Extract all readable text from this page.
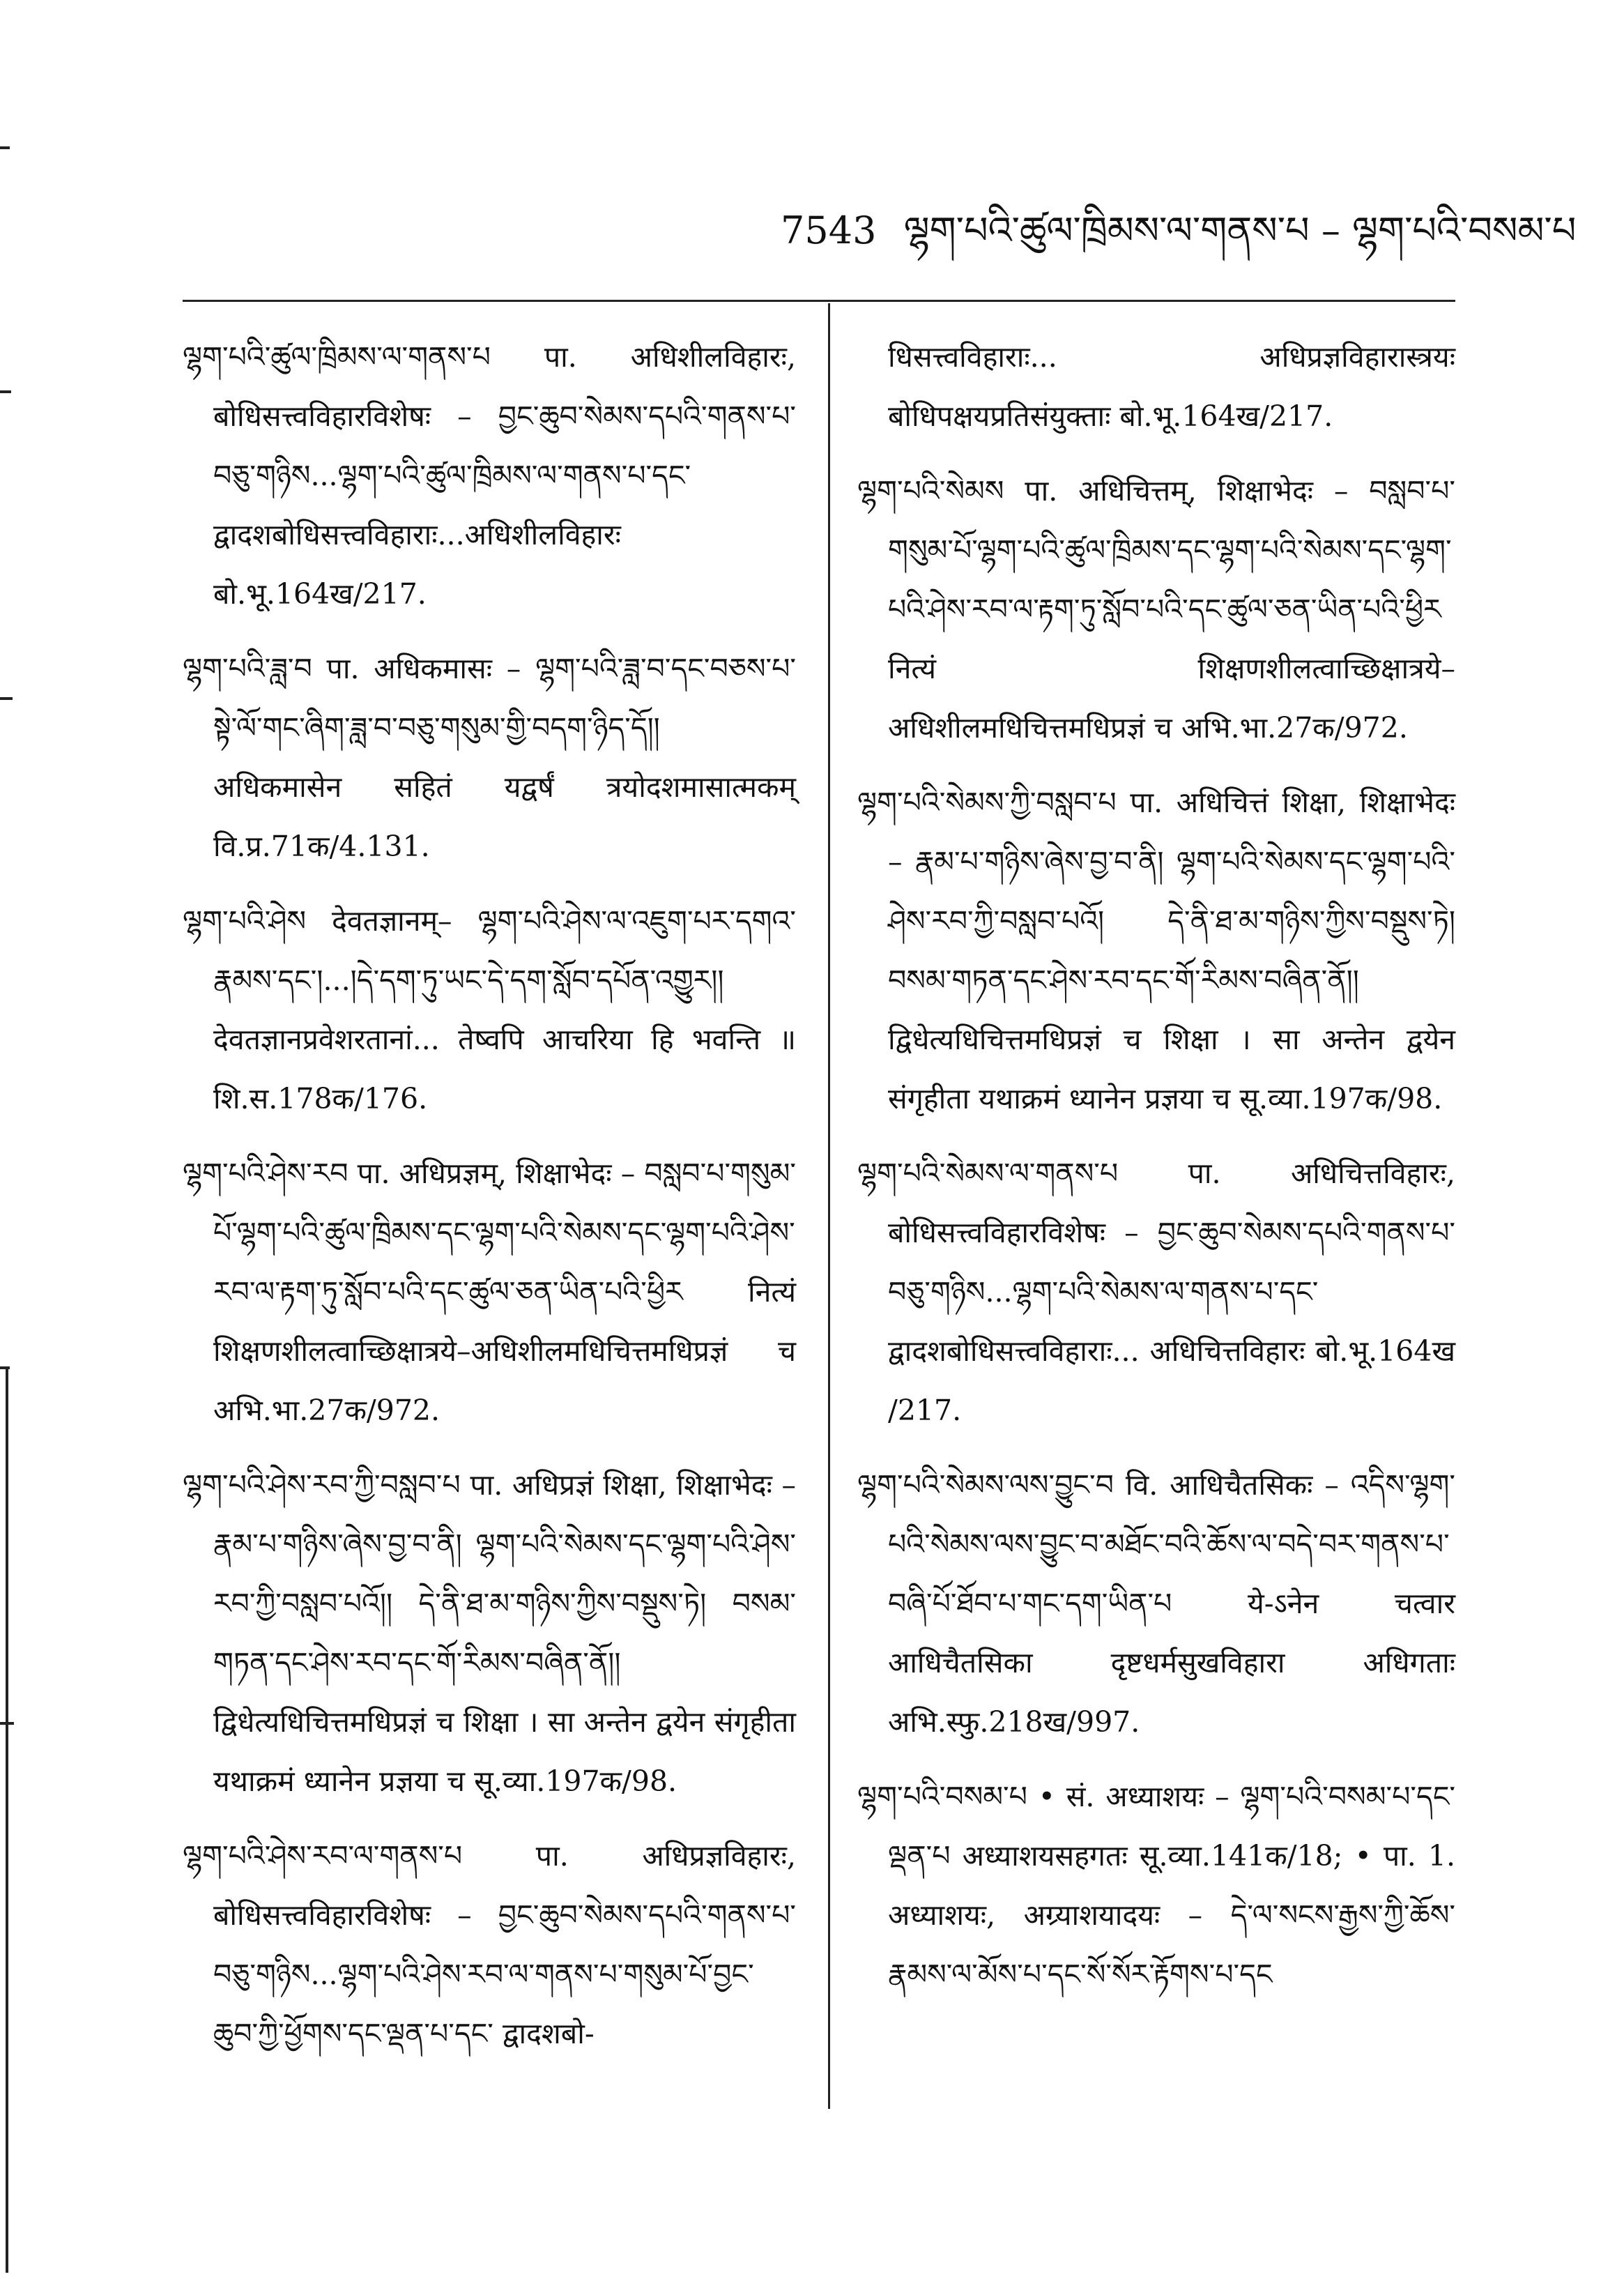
7543 ལྷག་པའི་ཚུལ་ཁྲིམས་ལ་གནས་པ – ལྷག་པའི་བསམ་པ

ལྷག་པའི་ཚུལ་ཁྲིམས་ལ་གནས་པ पा. अधिशीलविहारः, बोधिसत्त्वविहारविशेषः – བྱང་ཆུབ་སེམས་དཔའི་གནས་པ་བཅུ་གཉིས...ལྷག་པའི་ཚུལ་ཁྲིམས་ལ་གནས་པ་དང་ द्वादशबोधिसत्त्वविहाराः...अधिशीलविहारः बो.भू.164ख/217.

ལྷག་པའི་ཟླ་བ पा. अधिकमासः – ལྷག་པའི་ཟླ་བ་དང་བཅས་པ་སྟེ་ལོ་གང་ཞིག་ཟླ་བ་བཅུ་གསུམ་གྱི་བདག་ཉིད་དོ།། अधिकमासेन सहितं यद्वर्षं त्रयोदशमासात्मकम् वि.प्र.71क/4.131.

ལྷག་པའི་ཤེས देवतज्ञानम्– ལྷག་པའི་ཤེས་ལ་འཇུག་པར་དགའ་རྣམས་དང་།...།དེ་དག་ཏུ་ཡང་དེ་དག་སློབ་དཔོན་འགྱུར།། देवतज्ञानप्रवेशरतानां... तेष्वपि आचरिया हि भवन्ति ॥ शि.स.178क/176.

ལྷག་པའི་ཤེས་རབ पा. अधिप्रज्ञम्, शिक्षाभेदः – བསླབ་པ་གསུམ་པོ་ལྷག་པའི་ཚུལ་ཁྲིམས་དང་ལྷག་པའི་སེམས་དང་ལྷག་པའི་ཤེས་རབ་ལ་རྟག་ཏུ་སློབ་པའི་དང་ཚུལ་ཅན་ཡིན་པའི་ཕྱིར नित्यं शिक्षणशीलत्वाच्छिक्षात्रये–अधिशीलमधिचित्तमधिप्रज्ञं च अभि.भा.27क/972.

ལྷག་པའི་ཤེས་རབ་ཀྱི་བསླབ་པ पा. अधिप्रज्ञं शिक्षा, शिक्षाभेदः – རྣམ་པ་གཉིས་ཞེས་བྱ་བ་ནི། ལྷག་པའི་སེམས་དང་ལྷག་པའི་ཤེས་རབ་ཀྱི་བསླབ་པའོ།། དེ་ནི་ཐ་མ་གཉིས་ཀྱིས་བསྡུས་ཏེ། བསམ་གཏན་དང་ཤེས་རབ་དང་གོ་རིམས་བཞིན་ནོ།། द्विधेत्यधिचित्तमधिप्रज्ञं च शिक्षा । सा अन्तेन द्वयेन संगृहीता यथाक्रमं ध्यानेन प्रज्ञया च सू.व्या.197क/98.

ལྷག་པའི་ཤེས་རབ་ལ་གནས་པ पा. अधिप्रज्ञविहारः, बोधिसत्त्वविहारविशेषः – བྱང་ཆུབ་སེམས་དཔའི་གནས་པ་བཅུ་གཉིས...ལྷག་པའི་ཤེས་རབ་ལ་གནས་པ་གསུམ་པོ་བྱང་ཆུབ་ཀྱི་ཕྱོགས་དང་ལྡན་པ་དང་ द्वादशबो-

धिसत्त्वविहाराः... अधिप्रज्ञविहारास्त्रयः बोधिपक्षयप्रतिसंयुक्ताः बो.भू.164ख/217.

ལྷག་པའི་སེམས पा. अधिचित्तम्, शिक्षाभेदः – བསླབ་པ་གསུམ་པོ་ལྷག་པའི་ཚུལ་ཁྲིམས་དང་ལྷག་པའི་སེམས་དང་ལྷག་པའི་ཤེས་རབ་ལ་རྟག་ཏུ་སློབ་པའི་དང་ཚུལ་ཅན་ཡིན་པའི་ཕྱིར नित्यं शिक्षणशीलत्वाच्छिक्षात्रये–अधिशीलमधिचित्तमधिप्रज्ञं च अभि.भा.27क/972.

ལྷག་པའི་སེམས་ཀྱི་བསླབ་པ पा. अधिचित्तं शिक्षा, शिक्षाभेदः – རྣམ་པ་གཉིས་ཞེས་བྱ་བ་ནི། ལྷག་པའི་སེམས་དང་ལྷག་པའི་ཤེས་རབ་ཀྱི་བསླབ་པའོ། དེ་ནི་ཐ་མ་གཉིས་ཀྱིས་བསྡུས་ཏེ། བསམ་གཏན་དང་ཤེས་རབ་དང་གོ་རིམས་བཞིན་ནོ།། द्विधेत्यधिचित्तमधिप्रज्ञं च शिक्षा । सा अन्तेन द्वयेन संगृहीता यथाक्रमं ध्यानेन प्रज्ञया च सू.व्या.197क/98.

ལྷག་པའི་སེམས་ལ་གནས་པ पा. अधिचित्तविहारः, बोधिसत्त्वविहारविशेषः – བྱང་ཆུབ་སེམས་དཔའི་གནས་པ་བཅུ་གཉིས...ལྷག་པའི་སེམས་ལ་གནས་པ་དང་ द्वादशबोधिसत्त्वविहाराः... अधिचित्तविहारः बो.भू.164ख /217.

ལྷག་པའི་སེམས་ལས་བྱུང་བ वि. आधिचैतसिकः – འདིས་ལྷག་པའི་སེམས་ལས་བྱུང་བ་མཐོང་བའི་ཆོས་ལ་བདེ་བར་གནས་པ་བཞི་པོ་ཐོབ་པ་གང་དག་ཡིན་པ ये-ऽनेन चत्वार आधिचैतसिका दृष्टधर्मसुखविहारा अधिगताः अभि.स्फु.218ख/997.

ལྷག་པའི་བསམ་པ • सं. अध्याशयः – ལྷག་པའི་བསམ་པ་དང་ལྡན་པ अध्याशयसहगतः सू.व्या.141क/18; • पा. 1. अध्याशयः, अग्र्याशयादयः – དེ་ལ་སངས་རྒྱས་ཀྱི་ཆོས་རྣམས་ལ་མོས་པ་དང་སོ་སོར་རྟོགས་པ་དང
